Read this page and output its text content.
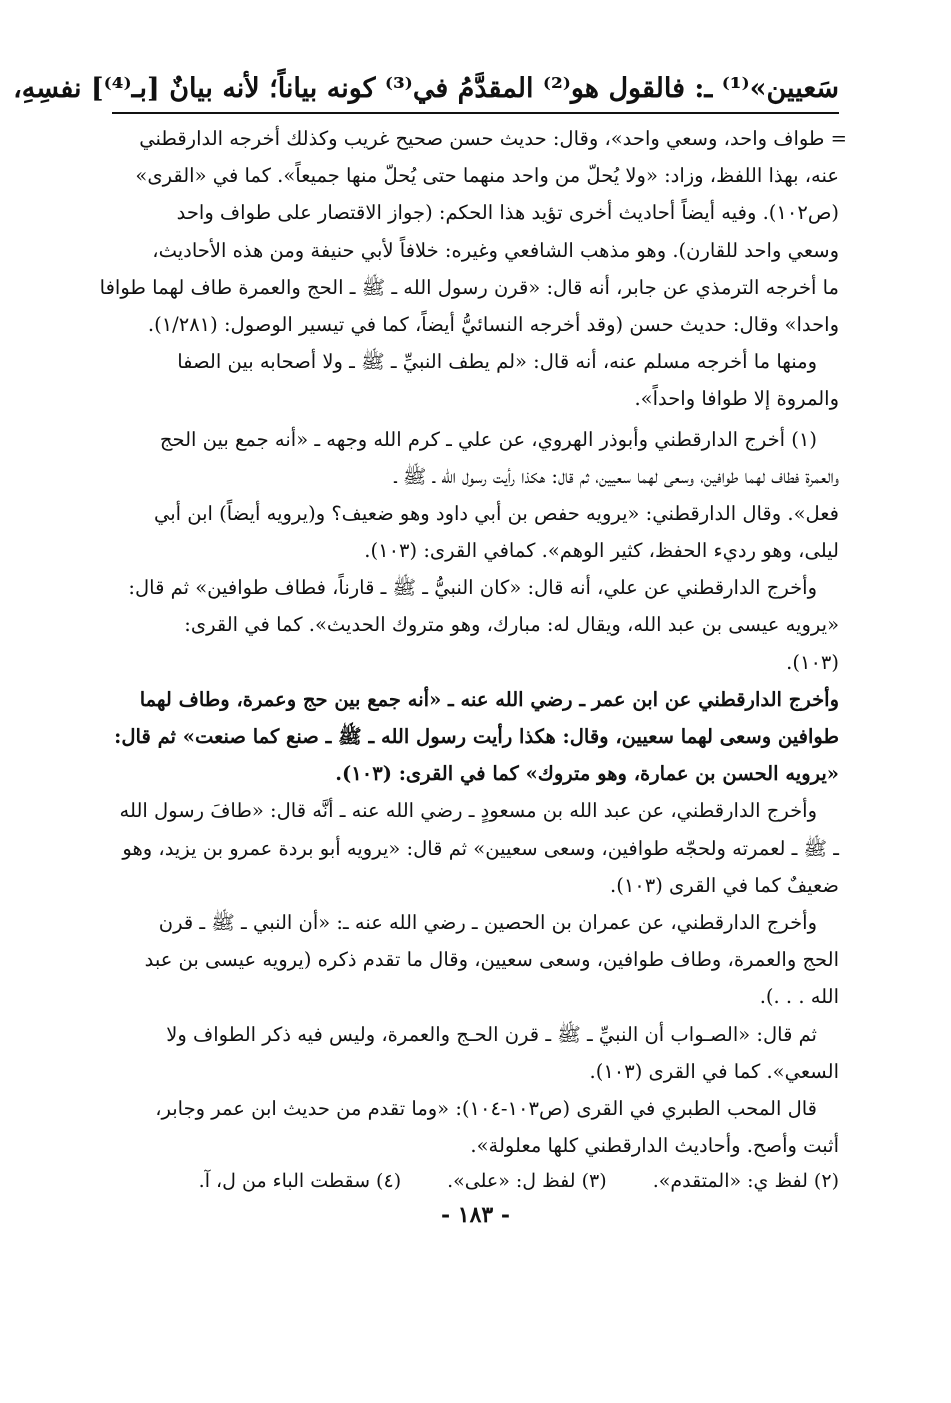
سَعيين»⁽¹⁾ ـ: فالقول هو⁽²⁾ المقدَّمُ في⁽³⁾ كونه بياناً؛ لأنه بيانٌ [بـ⁽⁴⁾] نفسِهِ،
= طواف واحد، وسعي واحد»، وقال: حديث حسن صحيح غريب وكذلك أخرجه الدارقطني
عنه، بهذا اللفظ، وزاد: «ولا يُحلّ من واحد منهما حتى يُحلّ منها جميعاً». كما في «القرى»
(ص١٠٢). وفيه أيضاً أحاديث أخرى تؤيد هذا الحكم: (جواز الاقتصار على طواف واحد
وسعي واحد للقارن). وهو مذهب الشافعي وغيره: خلافاً لأبي حنيفة ومن هذه الأحاديث،
ما أخرجه الترمذي عن جابر، أنه قال: «قرن رسول الله ـ ﷺ ـ الحج والعمرة طاف لهما طوافا
واحدا» وقال: حديث حسن (وقد أخرجه النسائيُّ أيضاً، كما في تيسير الوصول: (١/٢٨١).
ومنها ما أخرجه مسلم عنه، أنه قال: «لم يطف النبيِّ ـ ﷺ ـ ولا أصحابه بين الصفا
والمروة إلا طوافا واحداً».
(١) أخرج الدارقطني وأبوذر الهروي، عن علي ـ كرم الله وجهه ـ «أنه جمع بين الحج
والعمرة فطاف لهما طوافين، وسعى لهما سعيين، ثم قال: هكذا رأيت رسول الله ـ ﷺ ـ
فعل». وقال الدارقطني: «يرويه حفص بن أبي داود وهو ضعيف؟ و(يرويه أيضاً) ابن أبي
ليلى، وهو رديء الحفظ، كثير الوهم». كمافي القرى: (١٠٣).
وأخرج الدارقطني عن علي، أنه قال: «كان النبيُّ ـ ﷺ ـ قارناً، فطاف طوافين» ثم قال:
«يرويه عيسى بن عبد الله، ويقال له: مبارك، وهو متروك الحديث». كما في القرى:
(١٠٣).
وأخرج الدارقطني عن ابن عمر ـ رضي الله عنه ـ «أنه جمع بين حج وعمرة، وطاف لهما
طوافين وسعى لهما سعيين، وقال: هكذا رأيت رسول الله ـ ﷺ ـ صنع كما صنعت» ثم قال:
«يرويه الحسن بن عمارة، وهو متروك» كما في القرى: (١٠٣).
وأخرج الدارقطني، عن عبد الله بن مسعودٍ ـ رضي الله عنه ـ أنَّه قال: «طافَ رسول الله
ـ ﷺ ـ لعمرته ولحجّه طوافين، وسعى سعيين» ثم قال: «يرويه أبو بردة عمرو بن يزيد، وهو
ضعيفٌ كما في القرى (١٠٣).
وأخرج الدارقطني، عن عمران بن الحصين ـ رضي الله عنه ـ: «أن النبي ـ ﷺ ـ قرن
الحج والعمرة، وطاف طوافين، وسعى سعيين، وقال ما تقدم ذكره (يرويه عيسى بن عبد
الله . . .).
ثم قال: «الصـواب أن النبيِّ ـ ﷺ ـ قرن الحـج والعمرة، وليس فيه ذكر الطواف ولا
السعي». كما في القرى (١٠٣).
قال المحب الطبري في القرى (ص١٠٣-١٠٤): «وما تقدم من حديث ابن عمر وجابر،
أثبت وأصح. وأحاديث الدارقطني كلها معلولة».
(٢) لفظ ي: «المتقدم».
(٣) لفظ ل: «على».
(٤) سقطت الباء من ل، آ.
- ١٨٣ -
